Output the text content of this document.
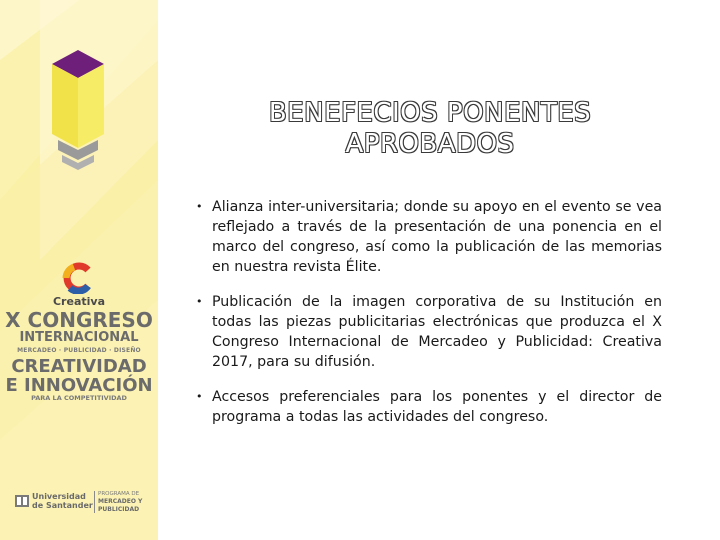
Creativa
X CONGRESO
INTERNACIONAL
MERCADEO · PUBLICIDAD · DISEÑO
CREATIVIDAD
E INNOVACIÓN
PARA LA COMPETITIVIDAD
Universidad
de Santander
PROGRAMA DE
MERCADEO Y
PUBLICIDAD
BENEFECIOS PONENTES
APROBADOS
• Alianza inter-universitaria; donde su apoyo en el evento se vea reflejado a través de la presentación de una ponencia en el marco del congreso, así como la publicación de las memorias en nuestra revista Élite.
• Publicación de la imagen corporativa de su Institución en todas las piezas publicitarias electrónicas que produzca el X Congreso Internacional de Mercadeo y Publicidad: Creativa 2017, para su difusión.
• Accesos preferenciales para los ponentes y el director de programa a todas las actividades del congreso.
